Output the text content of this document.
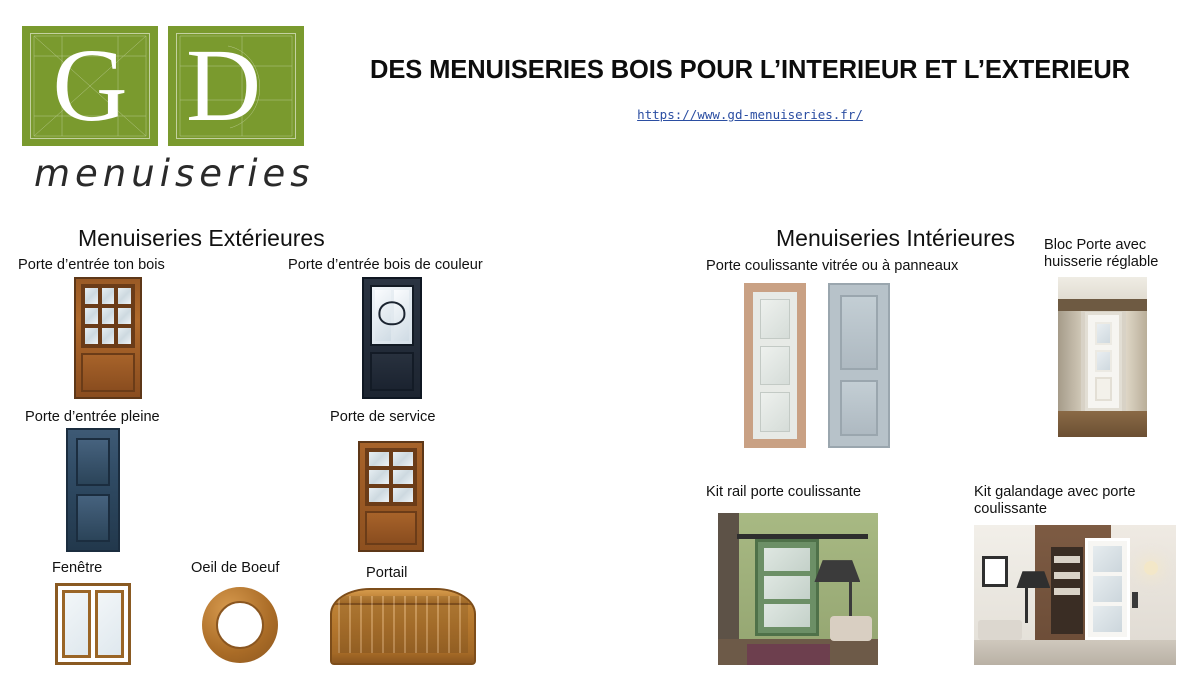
G D
menuiseries
DES MENUISERIES BOIS POUR L’INTERIEUR ET L’EXTERIEUR
https://www.gd-menuiseries.fr/
Menuiseries Extérieures	Menuiseries Intérieures
Porte d’entrée ton bois	Porte d’entrée bois de couleur
Porte d’entrée pleine	Porte de service
Fenêtre	Oeil de Boeuf	Portail
Porte coulissante vitrée ou à panneaux
Bloc Porte avec huisserie réglable
Kit rail porte coulissante	Kit galandage avec porte coulissante
